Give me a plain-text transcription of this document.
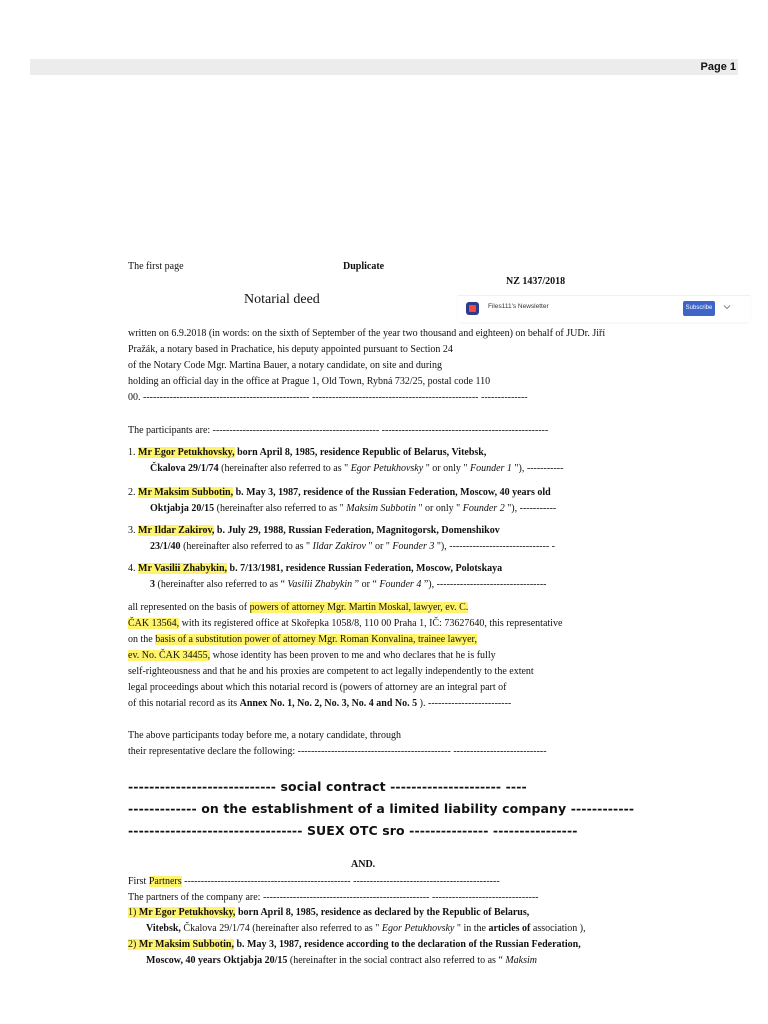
Page 1
The first page	Duplicate
NZ 1437/2018
Notarial deed	Files111's Newsletter	Subscribe
written on 6.9.2018 (in words: on the sixth of September of the year two thousand and eighteen) on behalf of JUDr. Jiří
Pražák, a notary based in Prachatice, his deputy appointed pursuant to Section 24
of the Notary Code Mgr. Martina Bauer, a notary candidate, on site and during
holding an official day in the office at Prague 1, Old Town, Rybná 732/25, postal code 110
00. -------------------------------------------------- -------------------------------------------------- --------------
The participants are: -------------------------------------------------- --------------------------------------------------
1. Mr Egor Petukhovsky, born April 8, 1985, residence Republic of Belarus, Vitebsk,
Čkalova 29/1/74 (hereinafter also referred to as " Egor Petukhovsky " or only " Founder 1 "), -----------
2. Mr Maksim Subbotin, b. May 3, 1987, residence of the Russian Federation, Moscow, 40 years old
Oktjabja 20/15 (hereinafter also referred to as " Maksim Subbotin " or only " Founder 2 "), -----------
3. Mr Ildar Zakirov, b. July 29, 1988, Russian Federation, Magnitogorsk, Domenshikov
23/1/40 (hereinafter also referred to as " Ildar Zakirov " or " Founder 3 "), ------------------------------ -
4. Mr Vasilii Zhabykin, b. 7/13/1981, residence Russian Federation, Moscow, Polotskaya
3 (hereinafter also referred to as “ Vasilii Zhabykin ” or “ Founder 4 ”), ---------------------------------
all represented on the basis of powers of attorney Mgr. Martin Moskal, lawyer, ev. C.
ČAK 13564, with its registered office at Skořepka 1058/8, 110 00 Praha 1, IČ: 73627640, this representative
on the basis of a substitution power of attorney Mgr. Roman Konvalina, trainee lawyer,
ev. No. ČAK 34455, whose identity has been proven to me and who declares that he is fully
self-righteousness and that he and his proxies are competent to act legally independently to the extent
legal proceedings about which this notarial record is (powers of attorney are an integral part of
of this notarial record as its Annex No. 1, No. 2, No. 3, No. 4 and No. 5 ). -------------------------
The above participants today before me, a notary candidate, through
their representative declare the following: ---------------------------------------------- ----------------------------
---------------------------- social contract --------------------- ----
------------- on the establishment of a limited liability company ------------
--------------------------------- SUEX OTC sro --------------- ----------------
AND.
First Partners -------------------------------------------------- --------------------------------------------
The partners of the company are: -------------------------------------------------- --------------------------------
1) Mr Egor Petukhovsky, born April 8, 1985, residence as declared by the Republic of Belarus,
Vitebsk, Čkalova 29/1/74 (hereinafter also referred to as " Egor Petukhovsky " in the articles of association ),
2) Mr Maksim Subbotin, b. May 3, 1987, residence according to the declaration of the Russian Federation,
Moscow, 40 years Oktjabja 20/15 (hereinafter in the social contract also referred to as “ Maksim
